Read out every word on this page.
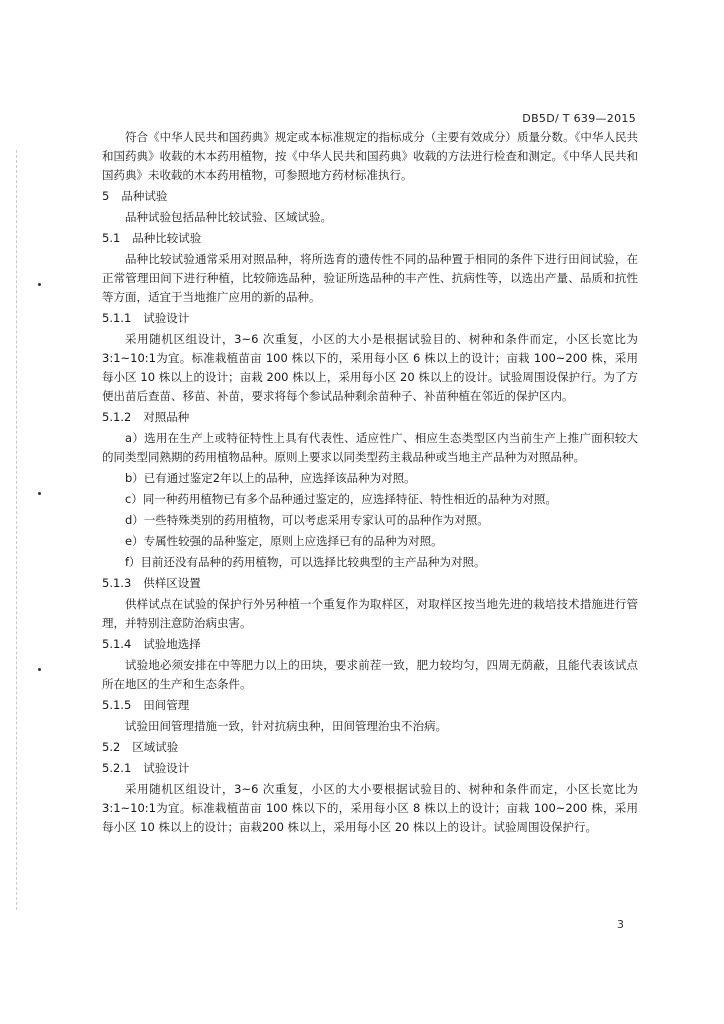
DB5D/ T 639—2015

符合《中华人民共和国药典》规定或本标准规定的指标成分（主要有效成分）质量分数。《中华人民共和国药典》收载的木本药用植物，按《中华人民共和国药典》收载的方法进行检查和测定。《中华人民共和国药典》未收载的木本药用植物，可参照地方药材标准执行。

5 品种试验

品种试验包括品种比较试验、区域试验。

5.1 品种比较试验

品种比较试验通常采用对照品种，将所选育的遗传性不同的品种置于相同的条件下进行田间试验，在正常管理田间下进行种植，比较筛选品种，验证所选品种的丰产性、抗病性等，以选出产量、品质和抗性等方面，适宜于当地推广应用的新的品种。

5.1.1 试验设计

采用随机区组设计，3~6 次重复，小区的大小是根据试验目的、树种和条件而定，小区长宽比为3:1~10:1为宜。标准栽植苗亩 100 株以下的，采用每小区 6 株以上的设计；亩栽 100~200 株，采用每小区 10 株以上的设计；亩栽 200 株以上，采用每小区 20 株以上的设计。试验周围设保护行。为了方便出苗后查苗、移苗、补苗，要求将每个参试品种剩余苗种子、补苗种植在邻近的保护区内。

5.1.2 对照品种

a）选用在生产上或特征特性上具有代表性、适应性广、相应生态类型区内当前生产上推广面积较大的同类型同熟期的药用植物品种。原则上要求以同类型药主栽品种或当地主产品种为对照品种。

b）已有通过鉴定2年以上的品种，应选择该品种为对照。

c）同一种药用植物已有多个品种通过鉴定的，应选择特征、特性相近的品种为对照。

d）一些特殊类别的药用植物，可以考虑采用专家认可的品种作为对照。

e）专属性较强的品种鉴定，原则上应选择已有的品种为对照。

f）目前还没有品种的药用植物，可以选择比较典型的主产品种为对照。

5.1.3 供样区设置

供样试点在试验的保护行外另种植一个重复作为取样区，对取样区按当地先进的栽培技术措施进行管理，并特别注意防治病虫害。

5.1.4 试验地选择

试验地必须安排在中等肥力以上的田块，要求前茬一致，肥力较均匀，四周无荫蔽，且能代表该试点所在地区的生产和生态条件。

5.1.5 田间管理

试验田间管理措施一致，针对抗病虫种，田间管理治虫不治病。

5.2 区域试验

5.2.1 试验设计

采用随机区组设计，3~6 次重复，小区的大小要根据试验目的、树种和条件而定，小区长宽比为3:1~10:1为宜。标准栽植苗亩 100 株以下的，采用每小区 8 株以上的设计；亩栽 100~200 株，采用每小区 10 株以上的设计；亩栽200 株以上，采用每小区 20 株以上的设计。试验周围设保护行。

3
